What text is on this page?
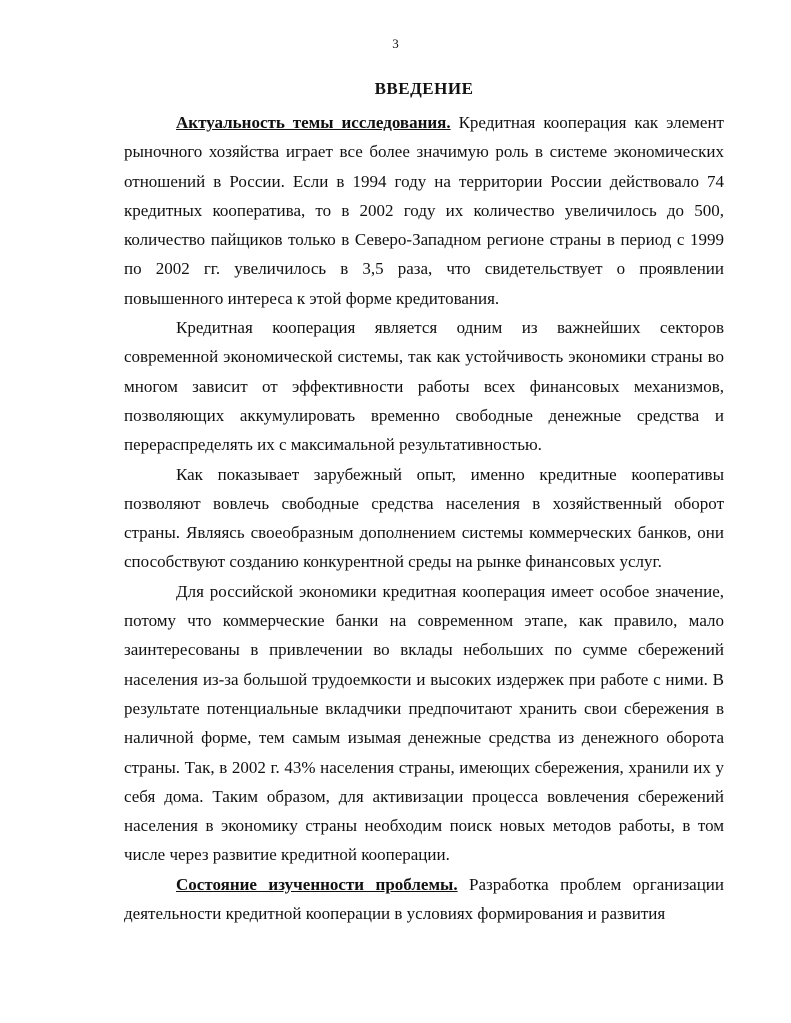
3
ВВЕДЕНИЕ

Актуальность темы исследования. Кредитная кооперация как элемент рыночного хозяйства играет все более значимую роль в системе экономических отношений в России. Если в 1994 году на территории России действовало 74 кредитных кооператива, то в 2002 году их количество увеличилось до 500, количество пайщиков только в Северо-Западном регионе страны в период с 1999 по 2002 гг. увеличилось в 3,5 раза, что свидетельствует о проявлении повышенного интереса к этой форме кредитования.

Кредитная кооперация является одним из важнейших секторов современной экономической системы, так как устойчивость экономики страны во многом зависит от эффективности работы всех финансовых механизмов, позволяющих аккумулировать временно свободные денежные средства и перераспределять их с максимальной результативностью.

Как показывает зарубежный опыт, именно кредитные кооперативы позволяют вовлечь свободные средства населения в хозяйственный оборот страны. Являясь своеобразным дополнением системы коммерческих банков, они способствуют созданию конкурентной среды на рынке финансовых услуг.

Для российской экономики кредитная кооперация имеет особое значение, потому что коммерческие банки на современном этапе, как правило, мало заинтересованы в привлечении во вклады небольших по сумме сбережений населения из-за большой трудоемкости и высоких издержек при работе с ними. В результате потенциальные вкладчики предпочитают хранить свои сбережения в наличной форме, тем самым изымая денежные средства из денежного оборота страны. Так, в 2002 г. 43% населения страны, имеющих сбережения, хранили их у себя дома. Таким образом, для активизации процесса вовлечения сбережений населения в экономику страны необходим поиск новых методов работы, в том числе через развитие кредитной кооперации.

Состояние изученности проблемы. Разработка проблем организации деятельности кредитной кооперации в условиях формирования и развития
